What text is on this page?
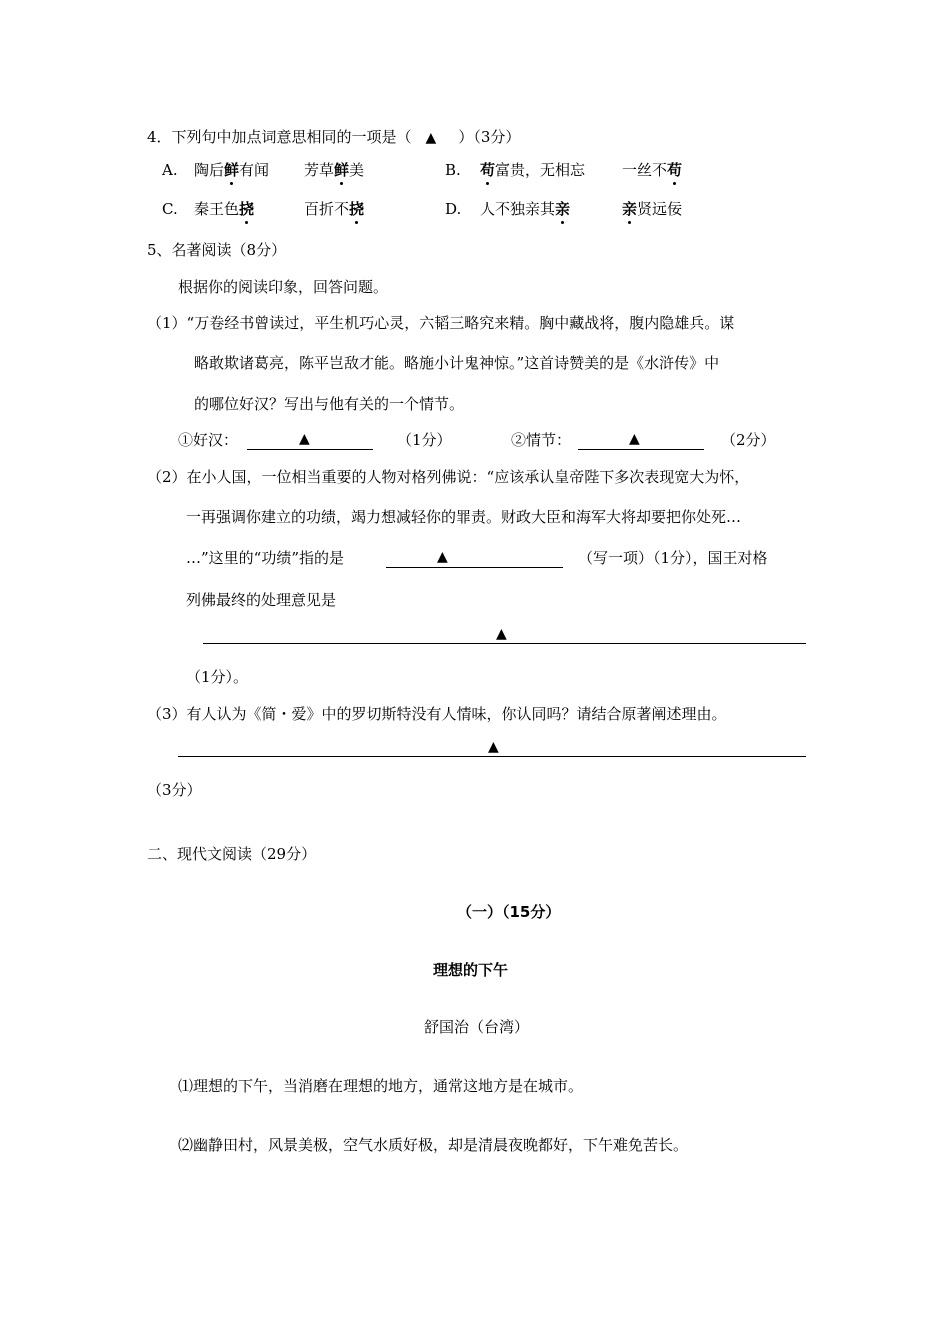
4．下列句中加点词意思相同的一项是（ ▲ ）（3分）
A. 陶后鲜有闻 芳草鲜美	B. 苟富贵，无相忘 一丝不苟
C. 秦王色挠	百折不挠	D. 人不独亲其亲	亲贤远佞
5、名著阅读（8分）
根据你的阅读印象，回答问题。
（1）“万卷经书曾读过，平生机巧心灵，六韬三略究来精。胸中藏战将，腹内隐雄兵。谋
略敢欺诸葛亮，陈平岂敌才能。略施小计鬼神惊。”这首诗赞美的是《水浒传》中
的哪位好汉？写出与他有关的一个情节。
①好汉：	▲	（1分）	②情节：	▲	（2分）
（2）在小人国，一位相当重要的人物对格列佛说：“应该承认皇帝陛下多次表现宽大为怀，
一再强调你建立的功绩，竭力想减轻你的罪责。财政大臣和海军大将却要把你处死…
…”这里的“功绩”指的是	▲	（写一项）（1分），国王对格
列佛最终的处理意见是
▲
（1分）。
（3）有人认为《简・爱》中的罗切斯特没有人情味，你认同吗？请结合原著阐述理由。
▲
（3分）
二、现代文阅读（29分）
（一）（15分）
理想的下午
舒国治（台湾）
⑴理想的下午，当消磨在理想的地方，通常这地方是在城市。
⑵幽静田村，风景美极，空气水质好极，却是清晨夜晚都好，下午难免苦长。
